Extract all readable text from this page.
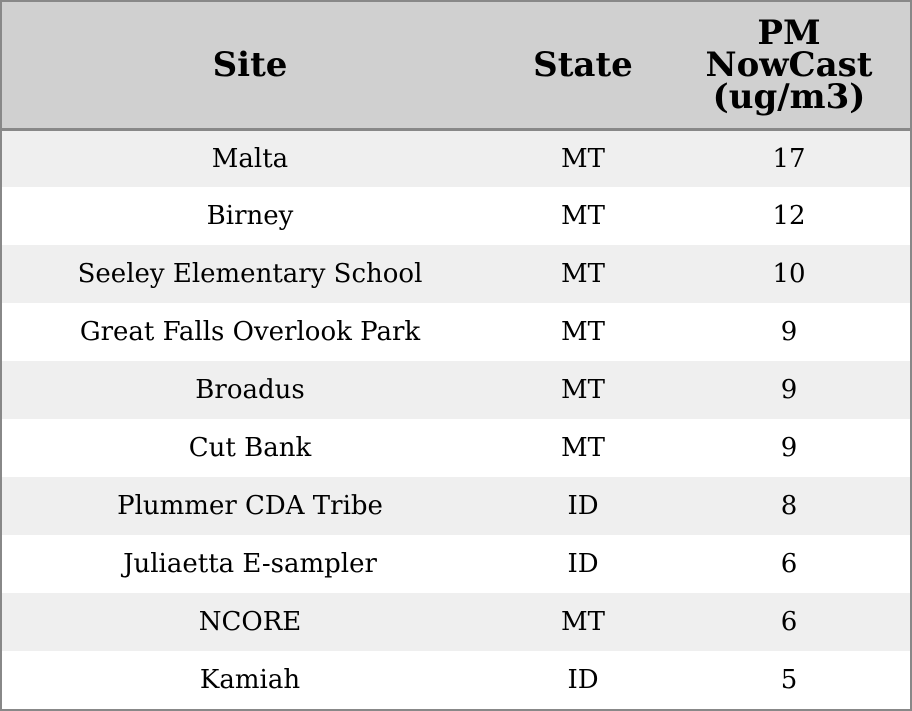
Site	State	PM
NowCast
(ug/m3)

Malta	MT	17
Birney	MT	12
Seeley Elementary School	MT	10
Great Falls Overlook Park	MT	9
Broadus	MT	9
Cut Bank	MT	9
Plummer CDA Tribe	ID	8
Juliaetta E-sampler	ID	6
NCORE	MT	6
Kamiah	ID	5
